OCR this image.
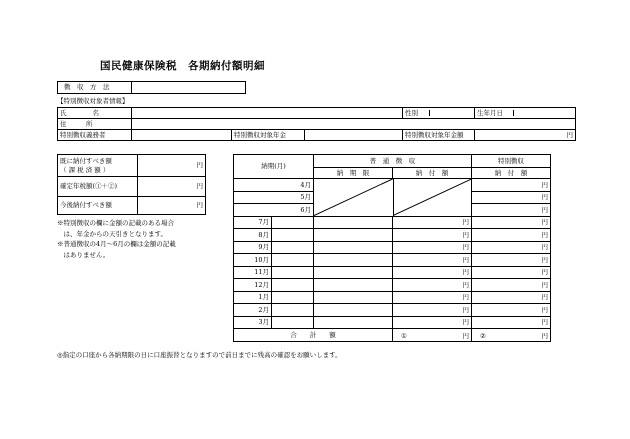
国民健康保険税　各期納付額明細
徴　収　方　法

【特別徴収対象者情報】
氏　　　　名				性別	生年月日

住　　　所					
特別徴収義務者		特別徴収対象年金		特別徴収対象年金額	円
既に納付すべき額
（ 課 税 済 額 ）	円

確定年税額(①＋②)	円

今後納付すべき額	円
※特別徴収の欄に金額の記載のある場合
　は、年金からの天引きとなります。
※普通徴収の4月～6月の欄は金額の記載
　はありません。
納期(月)		普　通　徴　収		特別徴収
		納　期　限	納　付　額	納　付　額
4月				円
5月				円
6月				円
7月			円	円
8月			円	円
9月			円	円
10月			円	円
11月			円	円
12月			円	円
1月			円	円
2月			円	円
3月			円	円
合　　計　　額			① 円	② 円
◎指定の口座から各納期限の日に口座振替となりますので前日までに残高の確認をお願いします。
